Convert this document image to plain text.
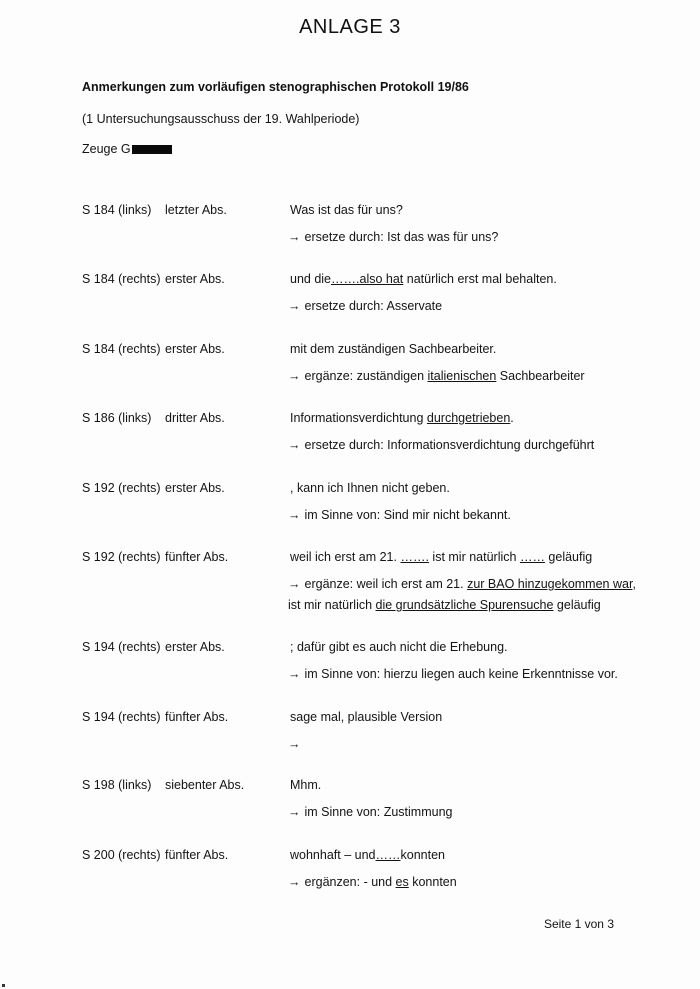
ANLAGE 3
Anmerkungen zum vorläufigen stenographischen Protokoll 19/86
(1 Untersuchungsausschuss der 19. Wahlperiode)
Zeuge G
S 184 (links) letzter Abs.	Was ist das für uns?
→ ersetze durch: Ist das was für uns?
S 184 (rechts) erster Abs.	und die…….also hat natürlich erst mal behalten.
→ ersetze durch: Asservate
S 184 (rechts) erster Abs.	mit dem zuständigen Sachbearbeiter.
→ ergänze: zuständigen italienischen Sachbearbeiter
S 186 (links) dritter Abs.	Informationsverdichtung durchgetrieben.
→ ersetze durch: Informationsverdichtung durchgeführt
S 192 (rechts) erster Abs.	, kann ich Ihnen nicht geben.
→ im Sinne von: Sind mir nicht bekannt.
S 192 (rechts) fünfter Abs.	weil ich erst am 21. ……. ist mir natürlich …… geläufig
→ ergänze: weil ich erst am 21. zur BAO hinzugekommen war,
ist mir natürlich die grundsätzliche Spurensuche geläufig
S 194 (rechts) erster Abs.	; dafür gibt es auch nicht die Erhebung.
→ im Sinne von: hierzu liegen auch keine Erkenntnisse vor.
S 194 (rechts) fünfter Abs.	sage mal, plausible Version
→
S 198 (links) siebenter Abs.	Mhm.
→ im Sinne von: Zustimmung
S 200 (rechts) fünfter Abs.	wohnhaft – und……konnten
→ ergänzen: - und es konnten
Seite 1 von 3
